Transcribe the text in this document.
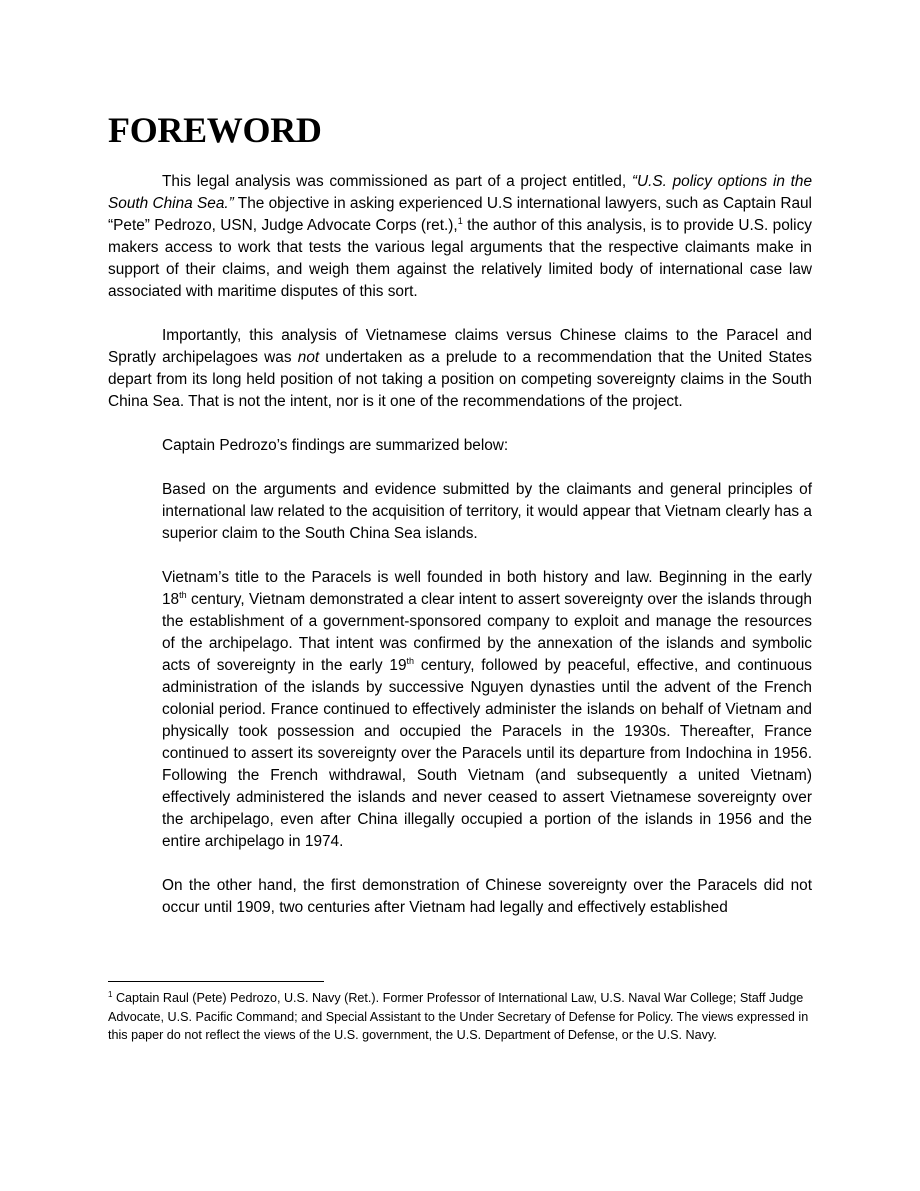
FOREWORD

This legal analysis was commissioned as part of a project entitled, “U.S. policy options in the South China Sea.” The objective in asking experienced U.S international lawyers, such as Captain Raul “Pete” Pedrozo, USN, Judge Advocate Corps (ret.),$^1$ the author of this analysis, is to provide U.S. policy makers access to work that tests the various legal arguments that the respective claimants make in support of their claims, and weigh them against the relatively limited body of international case law associated with maritime disputes of this sort.

Importantly, this analysis of Vietnamese claims versus Chinese claims to the Paracel and Spratly archipelagoes was not undertaken as a prelude to a recommendation that the United States depart from its long held position of not taking a position on competing sovereignty claims in the South China Sea. That is not the intent, nor is it one of the recommendations of the project.

Captain Pedrozo’s findings are summarized below:

Based on the arguments and evidence submitted by the claimants and general principles of international law related to the acquisition of territory, it would appear that Vietnam clearly has a superior claim to the South China Sea islands.

Vietnam’s title to the Paracels is well founded in both history and law. Beginning in the early 18th century, Vietnam demonstrated a clear intent to assert sovereignty over the islands through the establishment of a government-sponsored company to exploit and manage the resources of the archipelago. That intent was confirmed by the annexation of the islands and symbolic acts of sovereignty in the early 19th century, followed by peaceful, effective, and continuous administration of the islands by successive Nguyen dynasties until the advent of the French colonial period. France continued to effectively administer the islands on behalf of Vietnam and physically took possession and occupied the Paracels in the 1930s. Thereafter, France continued to assert its sovereignty over the Paracels until its departure from Indochina in 1956. Following the French withdrawal, South Vietnam (and subsequently a united Vietnam) effectively administered the islands and never ceased to assert Vietnamese sovereignty over the archipelago, even after China illegally occupied a portion of the islands in 1956 and the entire archipelago in 1974.

On the other hand, the first demonstration of Chinese sovereignty over the Paracels did not occur until 1909, two centuries after Vietnam had legally and effectively established

$^1$ Captain Raul (Pete) Pedrozo, U.S. Navy (Ret.). Former Professor of International Law, U.S. Naval War College; Staff Judge Advocate, U.S. Pacific Command; and Special Assistant to the Under Secretary of Defense for Policy. The views expressed in this paper do not reflect the views of the U.S. government, the U.S. Department of Defense, or the U.S. Navy.
